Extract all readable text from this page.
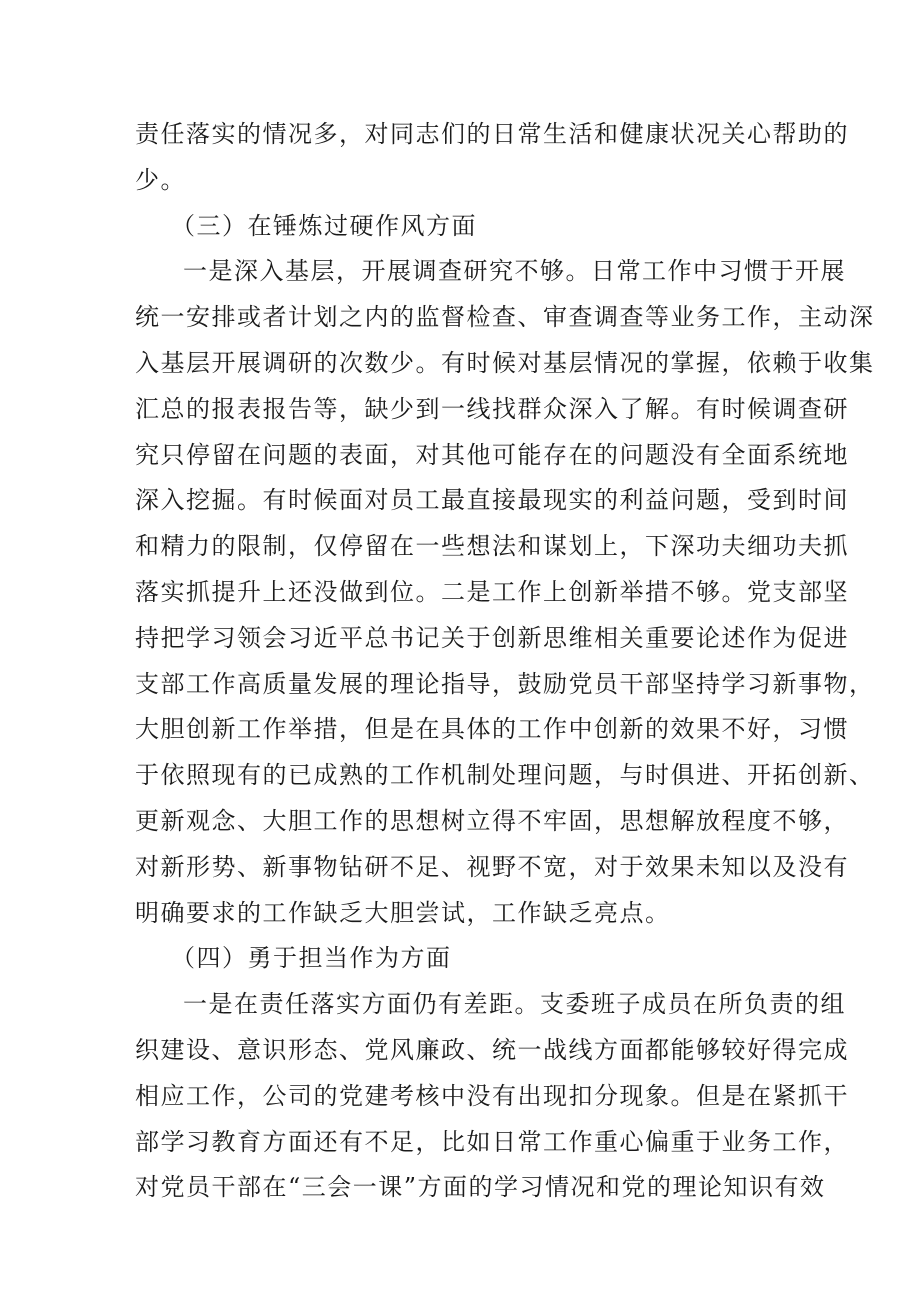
责任落实的情况多，对同志们的日常生活和健康状况关心帮助的
少。
（三）在锤炼过硬作风方面
一是深入基层，开展调查研究不够。日常工作中习惯于开展
统一安排或者计划之内的监督检查、审查调查等业务工作，主动深
入基层开展调研的次数少。有时候对基层情况的掌握，依赖于收集
汇总的报表报告等，缺少到一线找群众深入了解。有时候调查研
究只停留在问题的表面，对其他可能存在的问题没有全面系统地
深入挖掘。有时候面对员工最直接最现实的利益问题，受到时间
和精力的限制，仅停留在一些想法和谋划上，下深功夫细功夫抓
落实抓提升上还没做到位。二是工作上创新举措不够。党支部坚
持把学习领会习近平总书记关于创新思维相关重要论述作为促进
支部工作高质量发展的理论指导，鼓励党员干部坚持学习新事物，
大胆创新工作举措，但是在具体的工作中创新的效果不好，习惯
于依照现有的已成熟的工作机制处理问题，与时俱进、开拓创新、
更新观念、大胆工作的思想树立得不牢固，思想解放程度不够，
对新形势、新事物钻研不足、视野不宽，对于效果未知以及没有
明确要求的工作缺乏大胆尝试，工作缺乏亮点。
（四）勇于担当作为方面
一是在责任落实方面仍有差距。支委班子成员在所负责的组
织建设、意识形态、党风廉政、统一战线方面都能够较好得完成
相应工作，公司的党建考核中没有出现扣分现象。但是在紧抓干
部学习教育方面还有不足，比如日常工作重心偏重于业务工作，
对党员干部在“三会一课”方面的学习情况和党的理论知识有效
